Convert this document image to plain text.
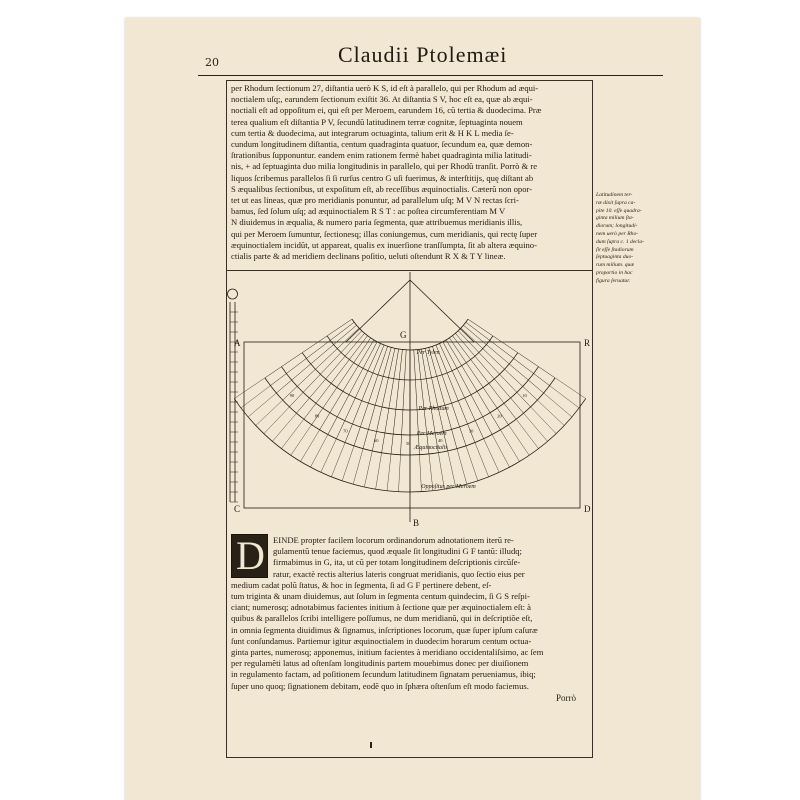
20	Claudii Ptolemæi

per Rhodum ſectionum 27, diſtantia uerò K S, id eſt à parallelo, qui per Rhodum ad æqui-
noctialem uſq;, earundem ſectionum exiſtit 36. At diſtantia S V, hoc eſt ea, quæ ab æqui-
noctiali eſt ad oppoſitum ei, qui eſt per Meroem, earundem 16, cũ tertia & duodecima. Præ
terea qualium eſt diſtantia P V, ſecundũ latitudinem terræ cognitæ, ſeptuaginta nouem
cum tertia & duodecima, aut integrarum octuaginta, talium erit & H K L media ſe-
cundum longitudinem diſtantia, centum quadraginta quatuor, ſecundum ea, quæ demon-
ſtrationibus ſupponuntur. eandem enim rationem fermè habet quadraginta milia latitudi-
nis, + ad ſeptuaginta duo milia longitudinis in parallelo, qui per Rhodũ tranſit. Porrò & re
liquos ſcribemus parallelos ſi ſi rurſus centro G uſi fuerimus, & interſtitijs, quę diſtant ab
S æqualibus ſectionibus, ut expoſitum eſt, ab receſſibus æquinoctialis. Cæterũ non opor-
tet ut eas lineas, quæ pro meridianis ponuntur, ad parallelum uſq; M V N rectas ſcri-
bamus, ſed ſolum uſq; ad æquinoctialem R S T : ac poſtea circumferentiam M V
N diuidemus in æqualia, & numero paria ſegmenta, quæ attribuemus meridianis illis,
qui per Meroem ſumuntur, ſectionesq; illas coniungemus, cum meridianis, qui rectę ſuper
æquinoctialem incidũt, ut appareat, qualis ex inuerſione tranſſumpta, ſit ab altera æquino-
ctialis parte & ad meridiem declinans poſitio, ueluti oſtendunt R X & T Y lineæ.

Latitudinem ter-
ræ dixit ſupra ca-
pite 10. eſſe quadra-
ginta milium ſta-
diorum; longitudi-
nem uerò per Rho-
dum ſupra c. 1 decla-
ſit eſſe ſtadiorum
ſeptuaginta duo-
rum milium. quæ
proportio in hac
figura ſeruatur.
A	R
C	D
G
B
Per Tylen
Per Rhodum
Per Meroem
Æquinoctialis
Oppoſitus per Meroem
10
20
30
40
50
60
70
80
90
D EINDE propter facilem locorum ordinandorum adnotationem iterũ re-
gulamentũ tenue faciemus, quod æquale ſit longitudini G F tantũ: illudq;
firmabimus in G, ita, ut cũ per totam longitudinem deſcriptionis circũſe-
ratur, exactè rectis alterius lateris congruat meridianis, quo ſectio eius per
medium cadat polũ ſtatus, & hoc in ſegmenta, ſi ad G F pertinere debent, eſ-
tum triginta & unam diuidemus, aut ſolum in ſegmenta centum quindecim, ſi G S reſpi-
ciant; numerosq; adnotabimus facientes initium à ſectione quæ per æquinoctialem eſt: à
quibus & parallelos ſcribi intelligere poſſumus, ne dum meridianũ, qui in deſcriptiõe eſt,
in omnia ſegmenta diuidimus & ſignamus, inſcriptiones locorum, quæ ſuper ipſum caſuræ
ſunt conſundamus. Partiemur igitur æquinoctialem in duodecim horarum centum octua-
ginta partes, numerosq; apponemus, initium facientes à meridiano occidentaliſsimo, ac ſem
per regulamẽti latus ad oſtenſam longitudinis partem mouebimus donec per diuiſionem
in regulamento factam, ad poſitionem ſecundum latitudinem ſignatam perueniamus, ibiq;
ſuper uno quoq; ſignationem debitam, eodẽ quo in ſphæra oſtenſum eſt modo faciemus.
Porrò
